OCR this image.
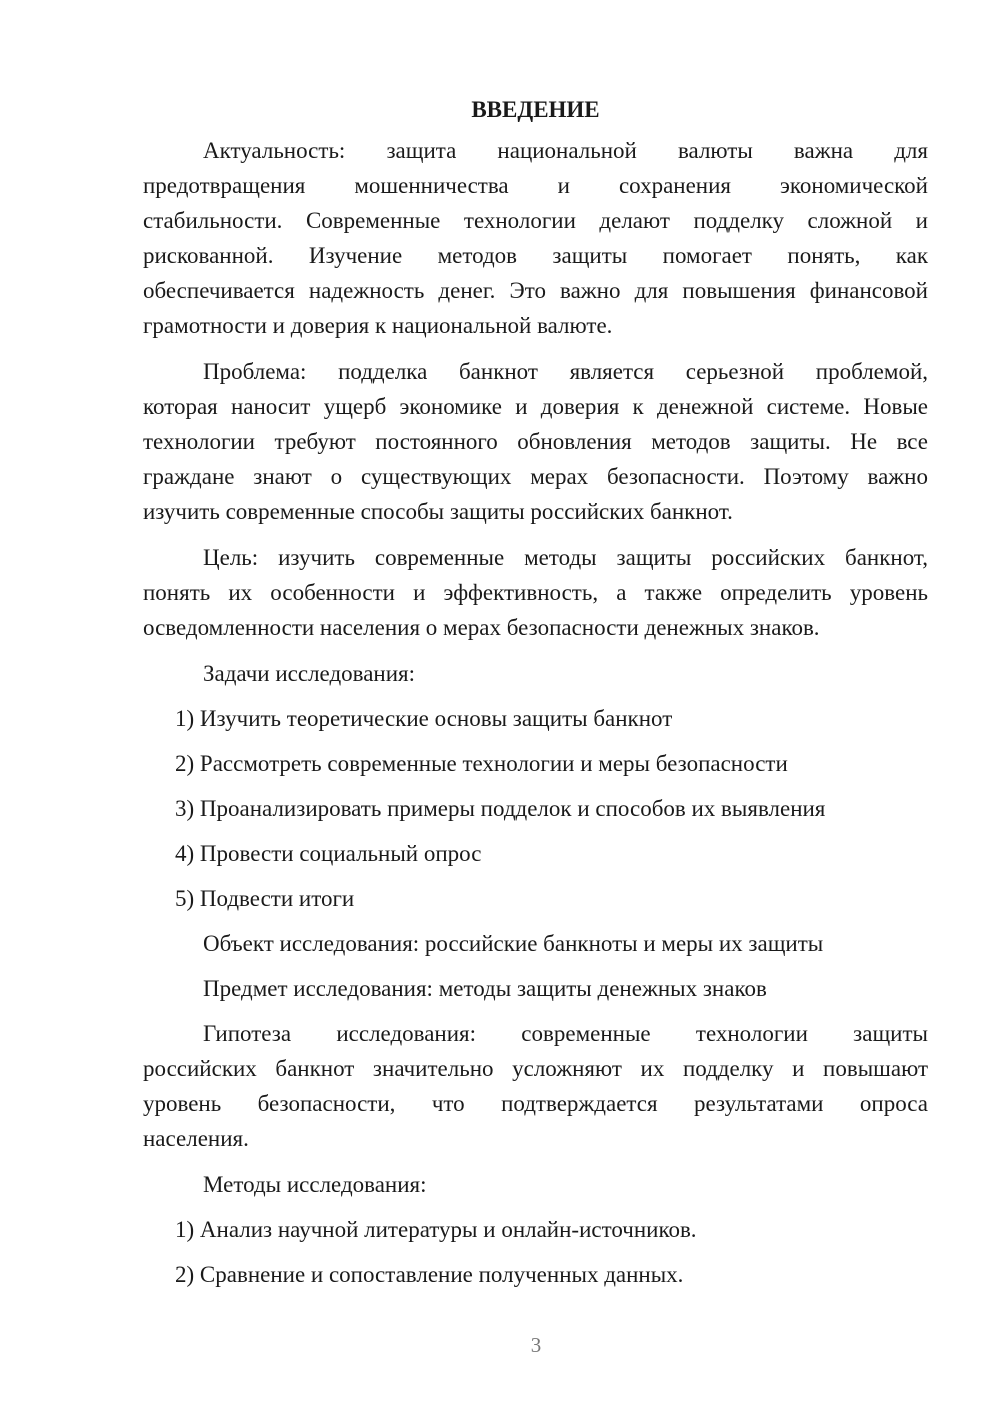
ВВЕДЕНИЕ
Актуальность: защита национальной валюты важна для
предотвращения мошенничества и сохранения экономической
стабильности. Современные технологии делают подделку сложной и
рискованной. Изучение методов защиты помогает понять, как
обеспечивается надежность денег. Это важно для повышения финансовой
грамотности и доверия к национальной валюте.
Проблема: подделка банкнот является серьезной проблемой,
которая наносит ущерб экономике и доверия к денежной системе. Новые
технологии требуют постоянного обновления методов защиты. Не все
граждане знают о существующих мерах безопасности. Поэтому важно
изучить современные способы защиты российских банкнот.
Цель: изучить современные методы защиты российских банкнот,
понять их особенности и эффективность, а также определить уровень
осведомленности населения о мерах безопасности денежных знаков.
Задачи исследования:
1) Изучить теоретические основы защиты банкнот
2) Рассмотреть современные технологии и меры безопасности
3) Проанализировать примеры подделок и способов их выявления
4) Провести социальный опрос
5) Подвести итоги
Объект исследования: российские банкноты и меры их защиты
Предмет исследования: методы защиты денежных знаков
Гипотеза исследования: современные технологии защиты
российских банкнот значительно усложняют их подделку и повышают
уровень безопасности, что подтверждается результатами опроса
населения.
Методы исследования:
1) Анализ научной литературы и онлайн-источников.
2) Сравнение и сопоставление полученных данных.
3
